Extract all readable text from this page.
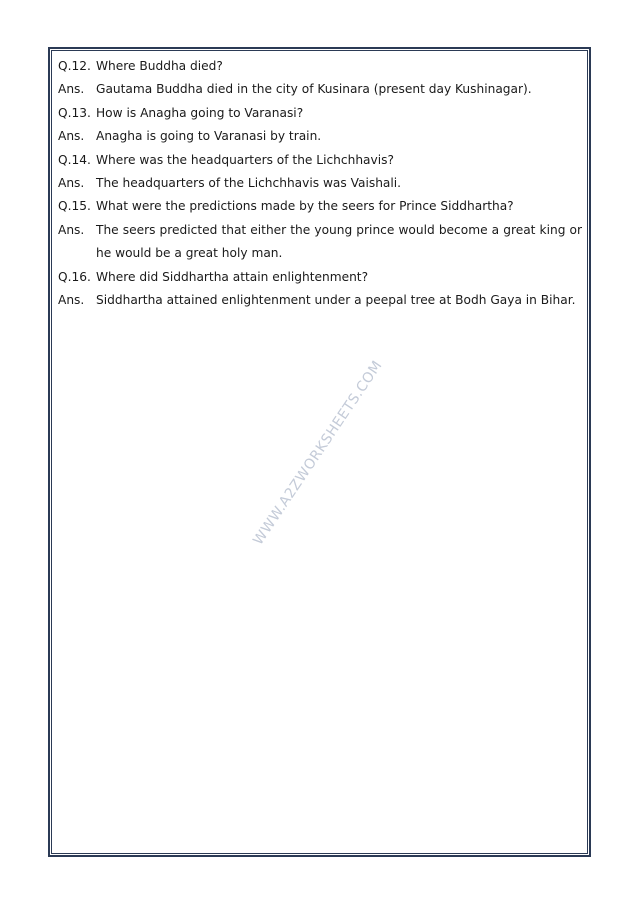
WWW.A2ZWORKSHEETS.COM
Q.12. Where Buddha died?
Ans. Gautama Buddha died in the city of Kusinara (present day Kushinagar).
Q.13. How is Anagha going to Varanasi?
Ans. Anagha is going to Varanasi by train.
Q.14. Where was the headquarters of the Lichchhavis?
Ans. The headquarters of the Lichchhavis was Vaishali.
Q.15. What were the predictions made by the seers for Prince Siddhartha?
Ans. The seers predicted that either the young prince would become a great king or he would be a great holy man.
Q.16. Where did Siddhartha attain enlightenment?
Ans. Siddhartha attained enlightenment under a peepal tree at Bodh Gaya in Bihar.
